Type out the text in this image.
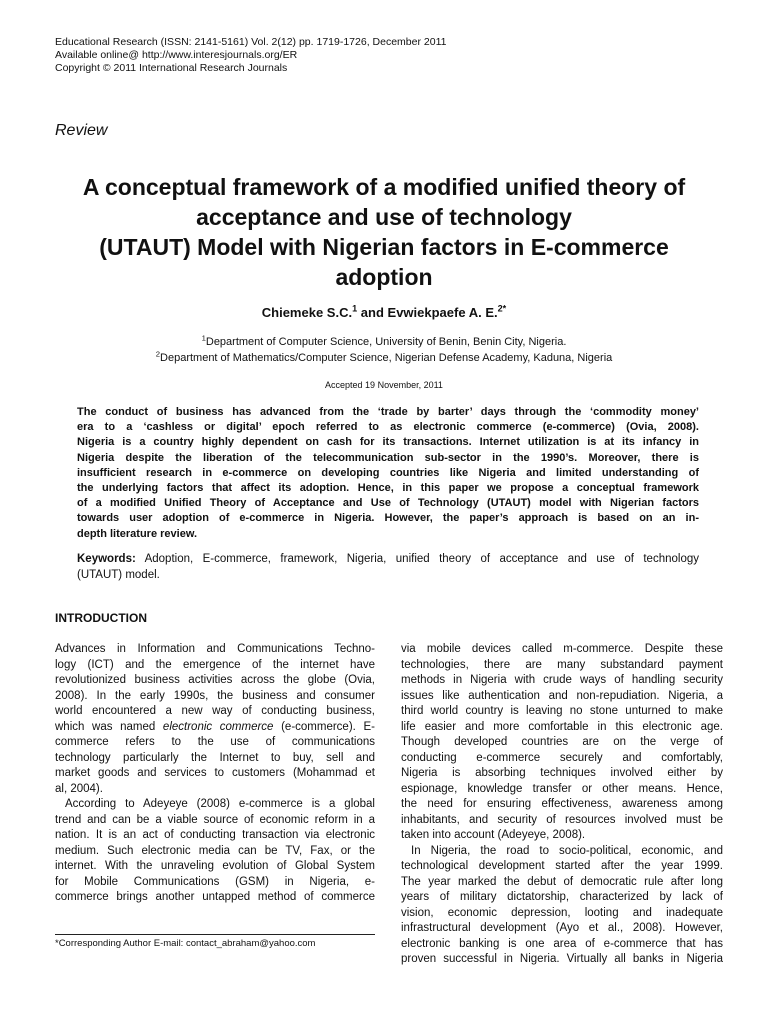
Educational Research (ISSN: 2141-5161) Vol. 2(12) pp. 1719-1726, December 2011
Available online@ http://www.interesjournals.org/ER
Copyright © 2011 International Research Journals
Review
A conceptual framework of a modified unified theory of
acceptance and use of technology
(UTAUT) Model with Nigerian factors in E-commerce
adoption
Chiemeke S.C.$^1$ and Evwiekpaefe A. E.$^{2*}$
$^1$Department of Computer Science, University of Benin, Benin City, Nigeria.
$^2$Department of Mathematics/Computer Science, Nigerian Defense Academy, Kaduna, Nigeria
Accepted 19 November, 2011
The conduct of business has advanced from the ‘trade by barter’ days through the ‘commodity money’
era to a ‘cashless or digital’ epoch referred to as electronic commerce (e-commerce) (Ovia, 2008).
Nigeria is a country highly dependent on cash for its transactions. Internet utilization is at its infancy in
Nigeria despite the liberation of the telecommunication sub-sector in the 1990’s. Moreover, there is
insufficient research in e-commerce on developing countries like Nigeria and limited understanding of
the underlying factors that affect its adoption. Hence, in this paper we propose a conceptual framework
of a modified Unified Theory of Acceptance and Use of Technology (UTAUT) model with Nigerian factors
towards user adoption of e-commerce in Nigeria. However, the paper’s approach is based on an in-
depth literature review.
Keywords: Adoption, E-commerce, framework, Nigeria, unified theory of acceptance and use of technology
(UTAUT) model.
INTRODUCTION
Advances in Information and Communications Techno-
logy (ICT) and the emergence of the internet have
revolutionized business activities across the globe (Ovia,
2008). In the early 1990s, the business and consumer
world encountered a new way of conducting business,
which was named electronic commerce (e-commerce). E-
commerce refers to the use of communications
technology particularly the Internet to buy, sell and
market goods and services to customers (Mohammad et
al, 2004).
According to Adeyeye (2008) e-commerce is a global
trend and can be a viable source of economic reform in a
nation. It is an act of conducting transaction via electronic
medium. Such electronic media can be TV, Fax, or the
internet. With the unraveling evolution of Global System
for Mobile Communications (GSM) in Nigeria, e-
commerce brings another untapped method of commerce
via mobile devices called m-commerce. Despite these
technologies, there are many substandard payment
methods in Nigeria with crude ways of handling security
issues like authentication and non-repudiation. Nigeria, a
third world country is leaving no stone unturned to make
life easier and more comfortable in this electronic age.
Though developed countries are on the verge of
conducting e-commerce securely and comfortably,
Nigeria is absorbing techniques involved either by
espionage, knowledge transfer or other means. Hence,
the need for ensuring effectiveness, awareness among
inhabitants, and security of resources involved must be
taken into account (Adeyeye, 2008).
In Nigeria, the road to socio-political, economic, and
technological development started after the year 1999.
The year marked the debut of democratic rule after long
years of military dictatorship, characterized by lack of
vision, economic depression, looting and inadequate
infrastructural development (Ayo et al., 2008). However,
electronic banking is one area of e-commerce that has
proven successful in Nigeria. Virtually all banks in Nigeria
*Corresponding Author E-mail: contact_abraham@yahoo.com
